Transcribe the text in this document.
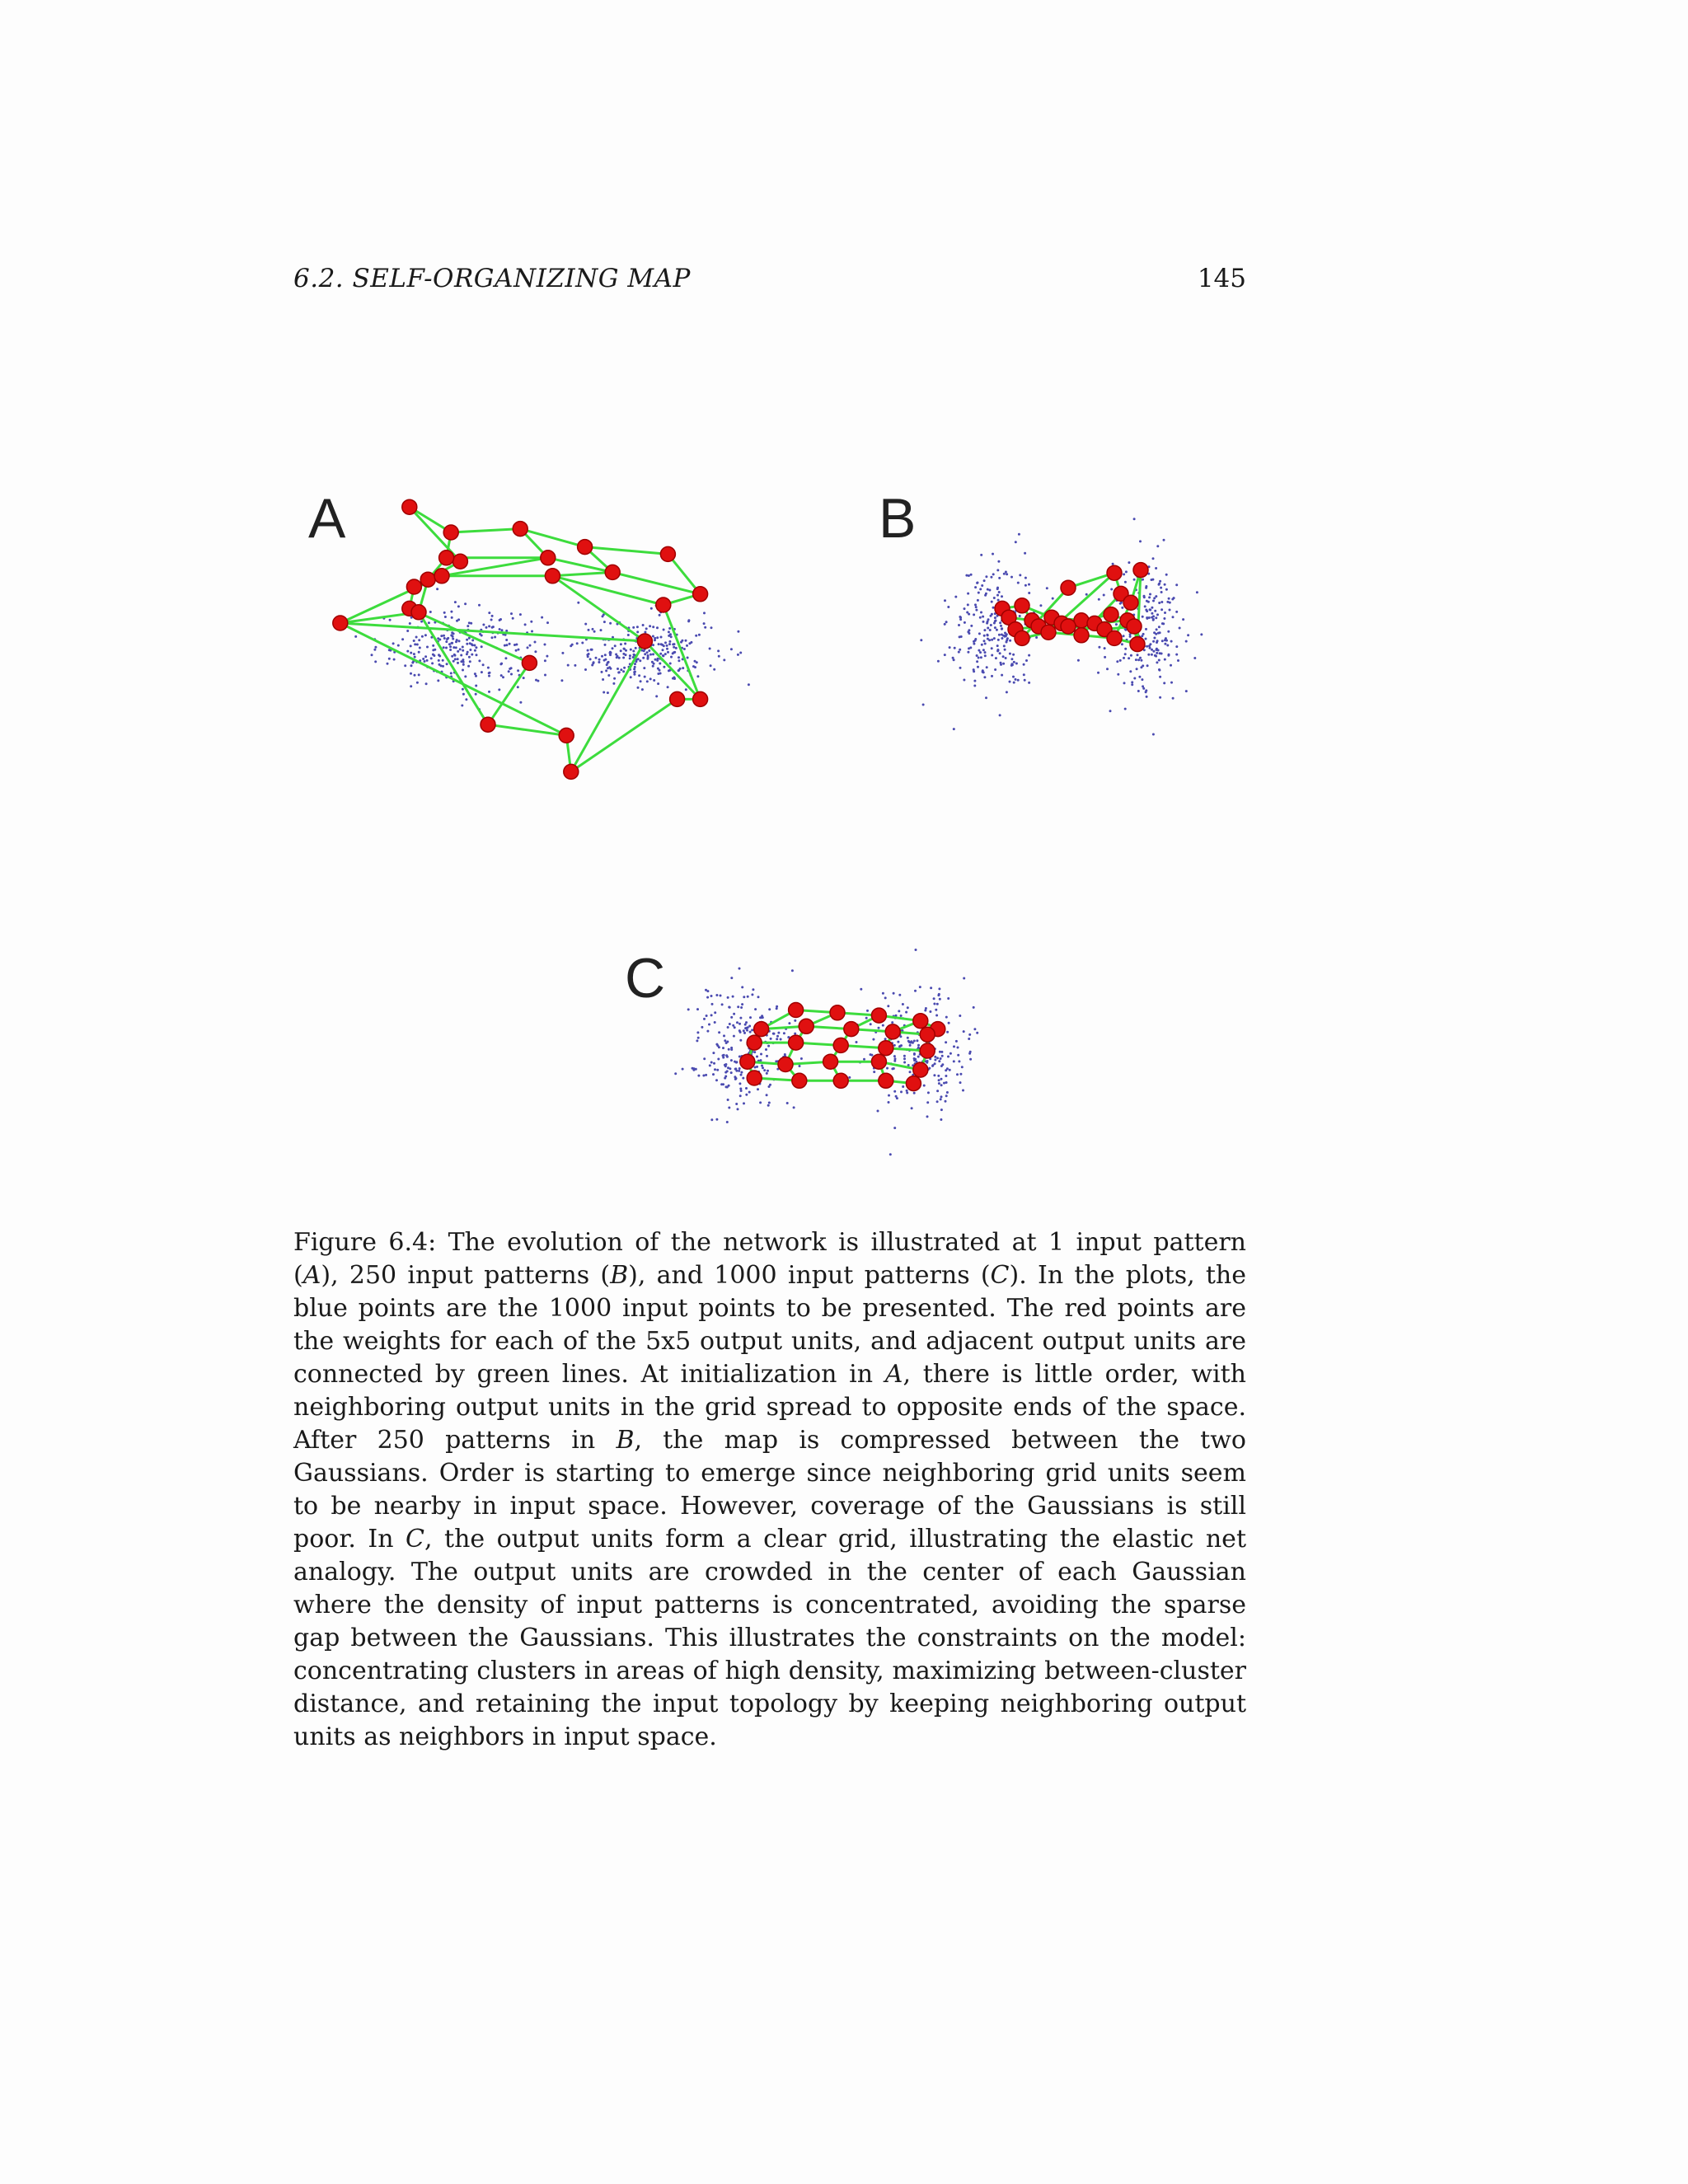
6.2. SELF-ORGANIZING MAP	145
A	B
C
Figure 6.4: The evolution of the network is illustrated at 1 input pattern (A), 250 input patterns (B), and 1000 input patterns (C). In the plots, the blue points are the 1000 input points to be presented. The red points are the weights for each of the 5x5 output units, and adjacent output units are connected by green lines. At initialization in A, there is little order, with neighboring output units in the grid spread to opposite ends of the space. After 250 patterns in B, the map is compressed between the two Gaussians. Order is starting to emerge since neighboring grid units seem to be nearby in input space. However, coverage of the Gaussians is still poor. In C, the output units form a clear grid, illustrating the elastic net analogy. The output units are crowded in the center of each Gaussian where the density of input patterns is concentrated, avoiding the sparse gap between the Gaussians. This illustrates the constraints on the model: concentrating clusters in areas of high density, maximizing between-cluster distance, and retaining the input topology by keeping neighboring output units as neighbors in input space.
